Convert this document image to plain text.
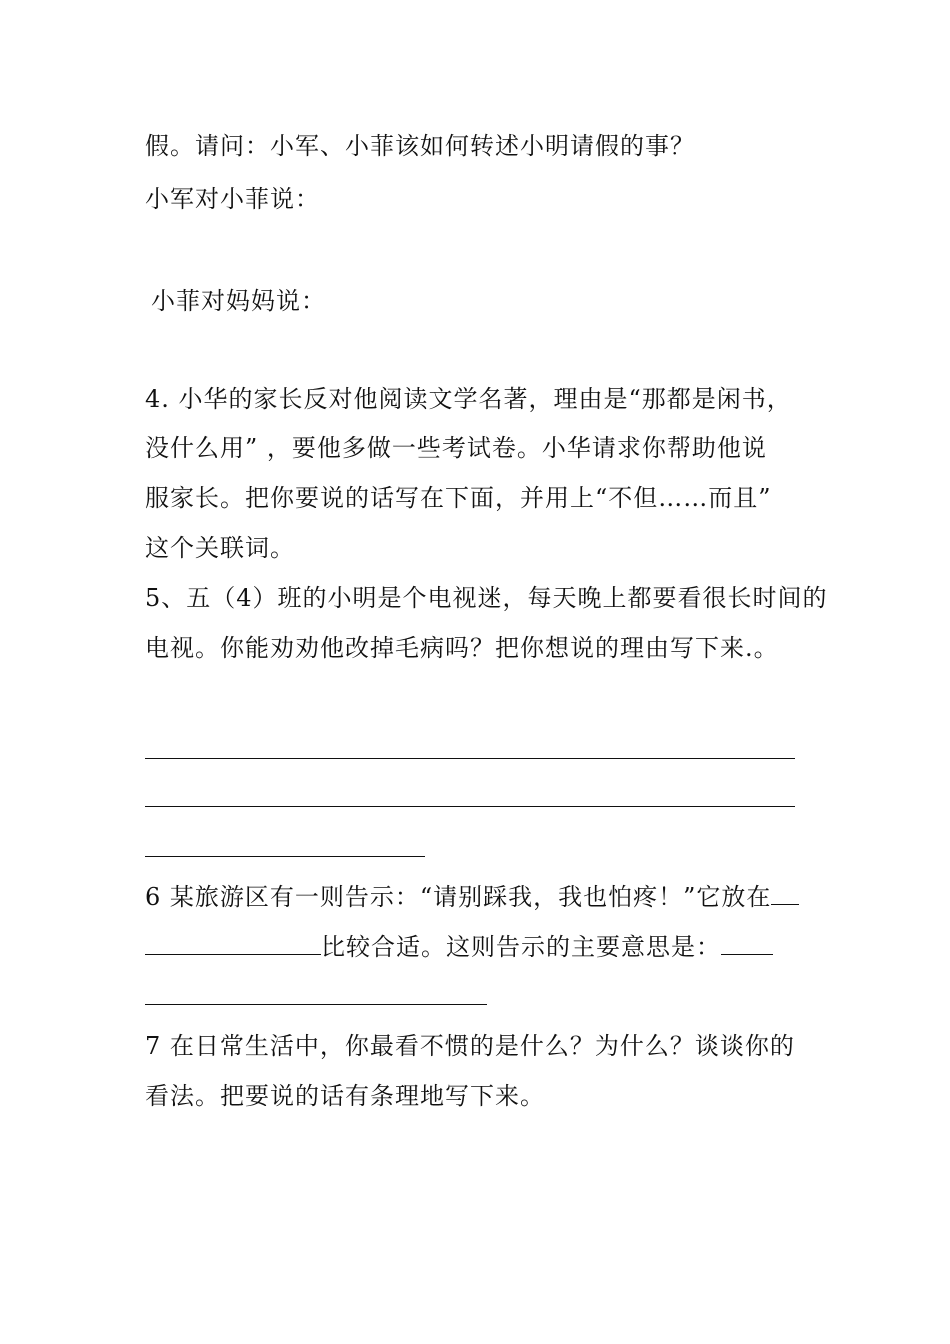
假。请问：小军、小菲该如何转述小明请假的事？
小军对小菲说：
小菲对妈妈说：
4. 小华的家长反对他阅读文学名著，理由是“那都是闲书，
没什么用” ，要他多做一些考试卷。小华请求你帮助他说
服家长。把你要说的话写在下面，并用上“不但……而且”
这个关联词。
5、五（4）班的小明是个电视迷，每天晚上都要看很长时间的
电视。你能劝劝他改掉毛病吗？把你想说的理由写下来.。
6 某旅游区有一则告示：“请别踩我，我也怕疼！”它放在
比较合适。这则告示的主要意思是：
7 在日常生活中，你最看不惯的是什么？为什么？谈谈你的
看法。把要说的话有条理地写下来。
